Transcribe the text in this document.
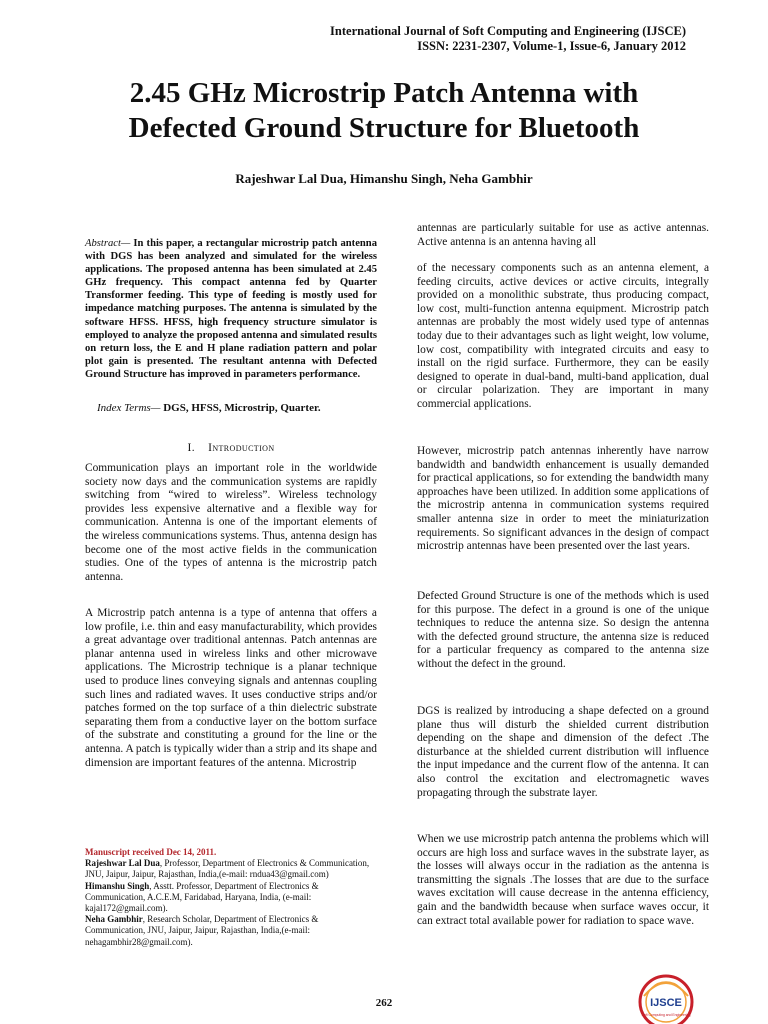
International Journal of Soft Computing and Engineering (IJSCE)
ISSN: 2231-2307, Volume-1, Issue-6, January 2012
2.45 GHz Microstrip Patch Antenna with
Defected Ground Structure for Bluetooth
Rajeshwar Lal Dua, Himanshu Singh, Neha Gambhir
Abstract— In this paper, a rectangular microstrip patch antenna with DGS has been analyzed and simulated for the wireless applications. The proposed antenna has been simulated at 2.45 GHz frequency. This compact antenna fed by Quarter Transformer feeding. This type of feeding is mostly used for impedance matching purposes. The antenna is simulated by the software HFSS. HFSS, high frequency structure simulator is employed to analyze the proposed antenna and simulated results on return loss, the E and H plane radiation pattern and polar plot gain is presented. The resultant antenna with Defected Ground Structure has improved in parameters performance.
Index Terms— DGS, HFSS, Microstrip, Quarter.
I. Introduction
Communication plays an important role in the worldwide society now days and the communication systems are rapidly switching from “wired to wireless”. Wireless technology provides less expensive alternative and a flexible way for communication. Antenna is one of the important elements of the wireless communications systems. Thus, antenna design has become one of the most active fields in the communication studies. One of the types of antenna is the microstrip patch antenna.
A Microstrip patch antenna is a type of antenna that offers a low profile, i.e. thin and easy manufacturability, which provides a great advantage over traditional antennas. Patch antennas are planar antenna used in wireless links and other microwave applications. The Microstrip technique is a planar technique used to produce lines conveying signals and antennas coupling such lines and radiated waves. It uses conductive strips and/or patches formed on the top surface of a thin dielectric substrate separating them from a conductive layer on the bottom surface of the substrate and constituting a ground for the line or the antenna. A patch is typically wider than a strip and its shape and dimension are important features of the antenna. Microstrip
Manuscript received Dec 14, 2011.
Rajeshwar Lal Dua, Professor, Department of Electronics & Communication, JNU, Jaipur, Jaipur, Rajasthan, India,(e-mail: rndua43@gmail.com)
Himanshu Singh, Asstt. Professor, Department of Electronics & Communication, A.C.E.M, Faridabad, Haryana, India, (e-mail: kajal172@gmail.com).
Neha Gambhir, Research Scholar, Department of Electronics & Communication, JNU, Jaipur, Jaipur, Rajasthan, India,(e-mail: nehagambhir28@gmail.com).
antennas are particularly suitable for use as active antennas. Active antenna is an antenna having all
of the necessary components such as an antenna element, a feeding circuits, active devices or active circuits, integrally provided on a monolithic substrate, thus producing compact, low cost, multi-function antenna equipment. Microstrip patch antennas are probably the most widely used type of antennas today due to their advantages such as light weight, low volume, low cost, compatibility with integrated circuits and easy to install on the rigid surface. Furthermore, they can be easily designed to operate in dual-band, multi-band application, dual or circular polarization. They are important in many commercial applications.
However, microstrip patch antennas inherently have narrow bandwidth and bandwidth enhancement is usually demanded for practical applications, so for extending the bandwidth many approaches have been utilized. In addition some applications of the microstrip antenna in communication systems required smaller antenna size in order to meet the miniaturization requirements. So significant advances in the design of compact microstrip antennas have been presented over the last years.
Defected Ground Structure is one of the methods which is used for this purpose. The defect in a ground is one of the unique techniques to reduce the antenna size. So design the antenna with the defected ground structure, the antenna size is reduced for a particular frequency as compared to the antenna size without the defect in the ground.
DGS is realized by introducing a shape defected on a ground plane thus will disturb the shielded current distribution depending on the shape and dimension of the defect .The disturbance at the shielded current distribution will influence the input impedance and the current flow of the antenna. It can also control the excitation and electromagnetic waves propagating through the substrate layer.
When we use microstrip patch antenna the problems which will occurs are high loss and surface waves in the substrate layer, as the losses will always occur in the radiation as the antenna is transmitting the signals .The losses that are due to the surface waves excitation will cause decrease in the antenna efficiency, gain and the bandwidth because when surface waves occur, it can extract total available power for radiation to space wave.
262	IJSCE
Soft Computing and Engineering
